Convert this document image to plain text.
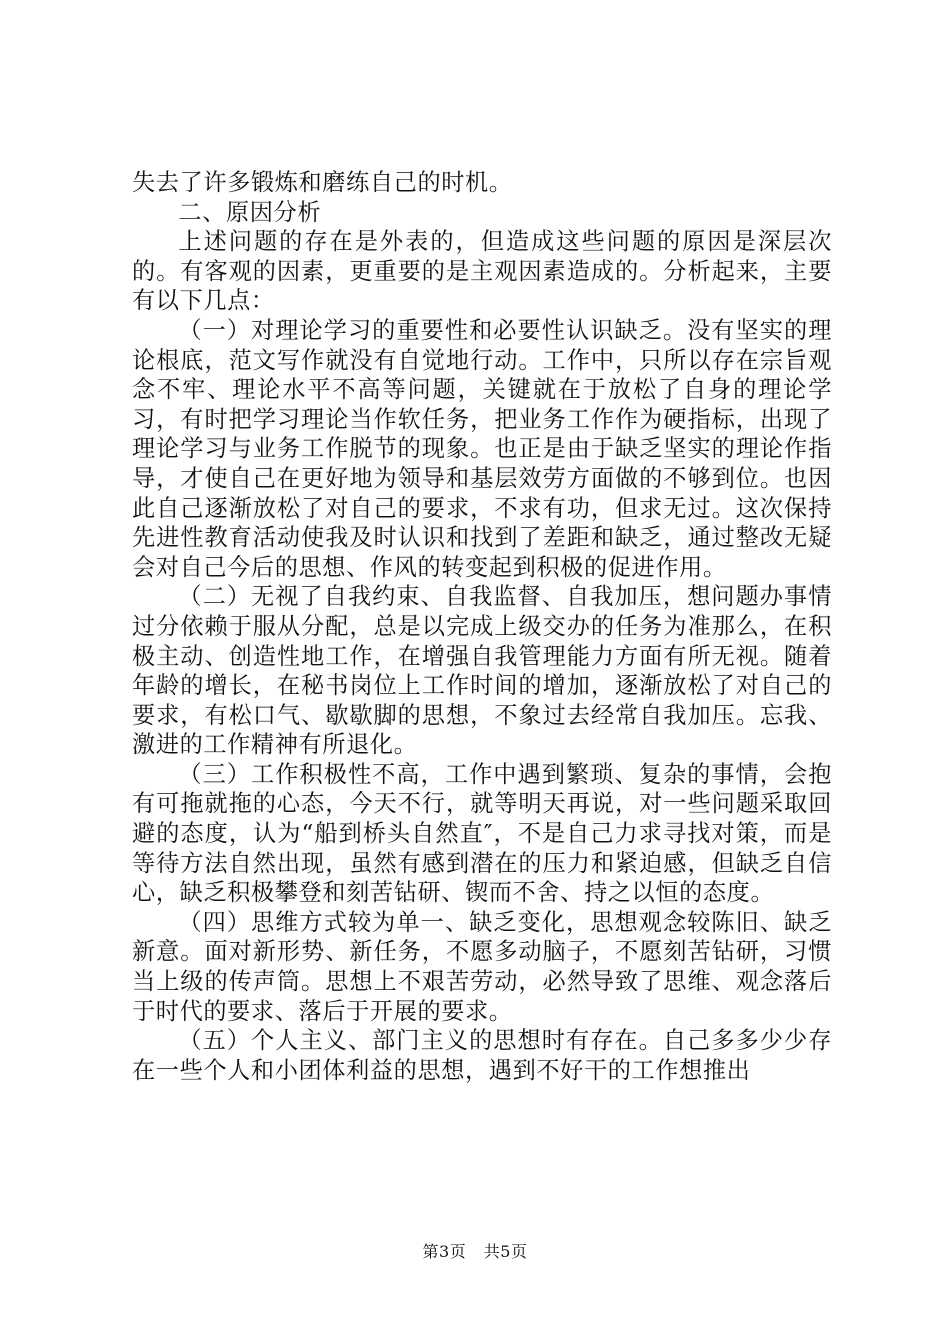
失去了许多锻炼和磨练自己的时机。

二、原因分析

上述问题的存在是外表的，但造成这些问题的原因是深层次的。有客观的因素，更重要的是主观因素造成的。分析起来，主要有以下几点：

（一）对理论学习的重要性和必要性认识缺乏。没有坚实的理论根底，范文写作就没有自觉地行动。工作中，只所以存在宗旨观念不牢、理论水平不高等问题，关键就在于放松了自身的理论学习，有时把学习理论当作软任务，把业务工作作为硬指标，出现了理论学习与业务工作脱节的现象。也正是由于缺乏坚实的理论作指导，才使自己在更好地为领导和基层效劳方面做的不够到位。也因此自己逐渐放松了对自己的要求，不求有功，但求无过。这次保持先进性教育活动使我及时认识和找到了差距和缺乏，通过整改无疑会对自己今后的思想、作风的转变起到积极的促进作用。

（二）无视了自我约束、自我监督、自我加压，想问题办事情过分依赖于服从分配，总是以完成上级交办的任务为准那么，在积极主动、创造性地工作，在增强自我管理能力方面有所无视。随着年龄的增长，在秘书岗位上工作时间的增加，逐渐放松了对自己的要求，有松口气、歇歇脚的思想，不象过去经常自我加压。忘我、激进的工作精神有所退化。

（三）工作积极性不高，工作中遇到繁琐、复杂的事情，会抱有可拖就拖的心态，今天不行，就等明天再说，对一些问题采取回避的态度，认为“船到桥头自然直″，不是自己力求寻找对策，而是等待方法自然出现，虽然有感到潜在的压力和紧迫感，但缺乏自信心，缺乏积极攀登和刻苦钻研、锲而不舍、持之以恒的态度。

（四）思维方式较为单一、缺乏变化，思想观念较陈旧、缺乏新意。面对新形势、新任务，不愿多动脑子，不愿刻苦钻研，习惯当上级的传声筒。思想上不艰苦劳动，必然导致了思维、观念落后于时代的要求、落后于开展的要求。

（五）个人主义、部门主义的思想时有存在。自己多多少少存在一些个人和小团体利益的思想，遇到不好干的工作想推出

第3页 共5页
